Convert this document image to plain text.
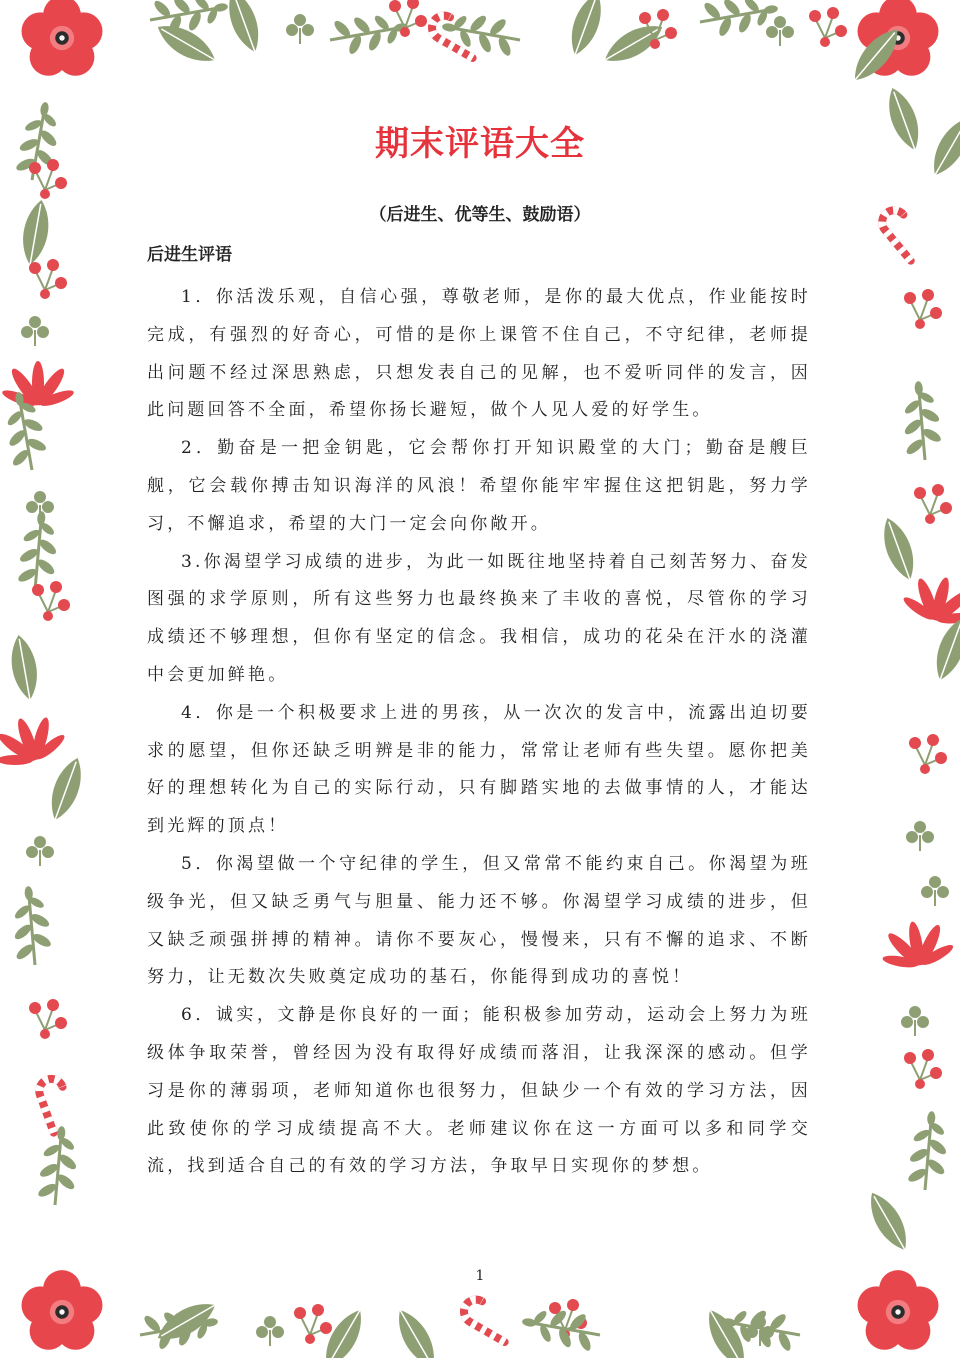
期末评语大全
（后进生、优等生、鼓励语）
后进生评语

1．你活泼乐观，自信心强，尊敬老师，是你的最大优点，作业能按时完成，有强烈的好奇心，可惜的是你上课管不住自己，不守纪律，老师提出问题不经过深思熟虑，只想发表自己的见解，也不爱听同伴的发言，因此问题回答不全面，希望你扬长避短，做个人见人爱的好学生。

2．勤奋是一把金钥匙，它会帮你打开知识殿堂的大门；勤奋是艘巨舰，它会载你搏击知识海洋的风浪！希望你能牢牢握住这把钥匙，努力学习，不懈追求，希望的大门一定会向你敞开。

3.你渴望学习成绩的进步，为此一如既往地坚持着自己刻苦努力、奋发图强的求学原则，所有这些努力也最终换来了丰收的喜悦，尽管你的学习成绩还不够理想，但你有坚定的信念。我相信，成功的花朵在汗水的浇灌中会更加鲜艳。

4．你是一个积极要求上进的男孩，从一次次的发言中，流露出迫切要求的愿望，但你还缺乏明辨是非的能力，常常让老师有些失望。愿你把美好的理想转化为自己的实际行动，只有脚踏实地的去做事情的人，才能达到光辉的顶点！

5．你渴望做一个守纪律的学生，但又常常不能约束自己。你渴望为班级争光，但又缺乏勇气与胆量、能力还不够。你渴望学习成绩的进步，但又缺乏顽强拼搏的精神。请你不要灰心，慢慢来，只有不懈的追求、不断努力，让无数次失败奠定成功的基石，你能得到成功的喜悦！

6．诚实，文静是你良好的一面；能积极参加劳动，运动会上努力为班级体争取荣誉，曾经因为没有取得好成绩而落泪，让我深深的感动。但学习是你的薄弱项，老师知道你也很努力，但缺少一个有效的学习方法，因此致使你的学习成绩提高不大。老师建议你在这一方面可以多和同学交流，找到适合自己的有效的学习方法，争取早日实现你的梦想。

1
